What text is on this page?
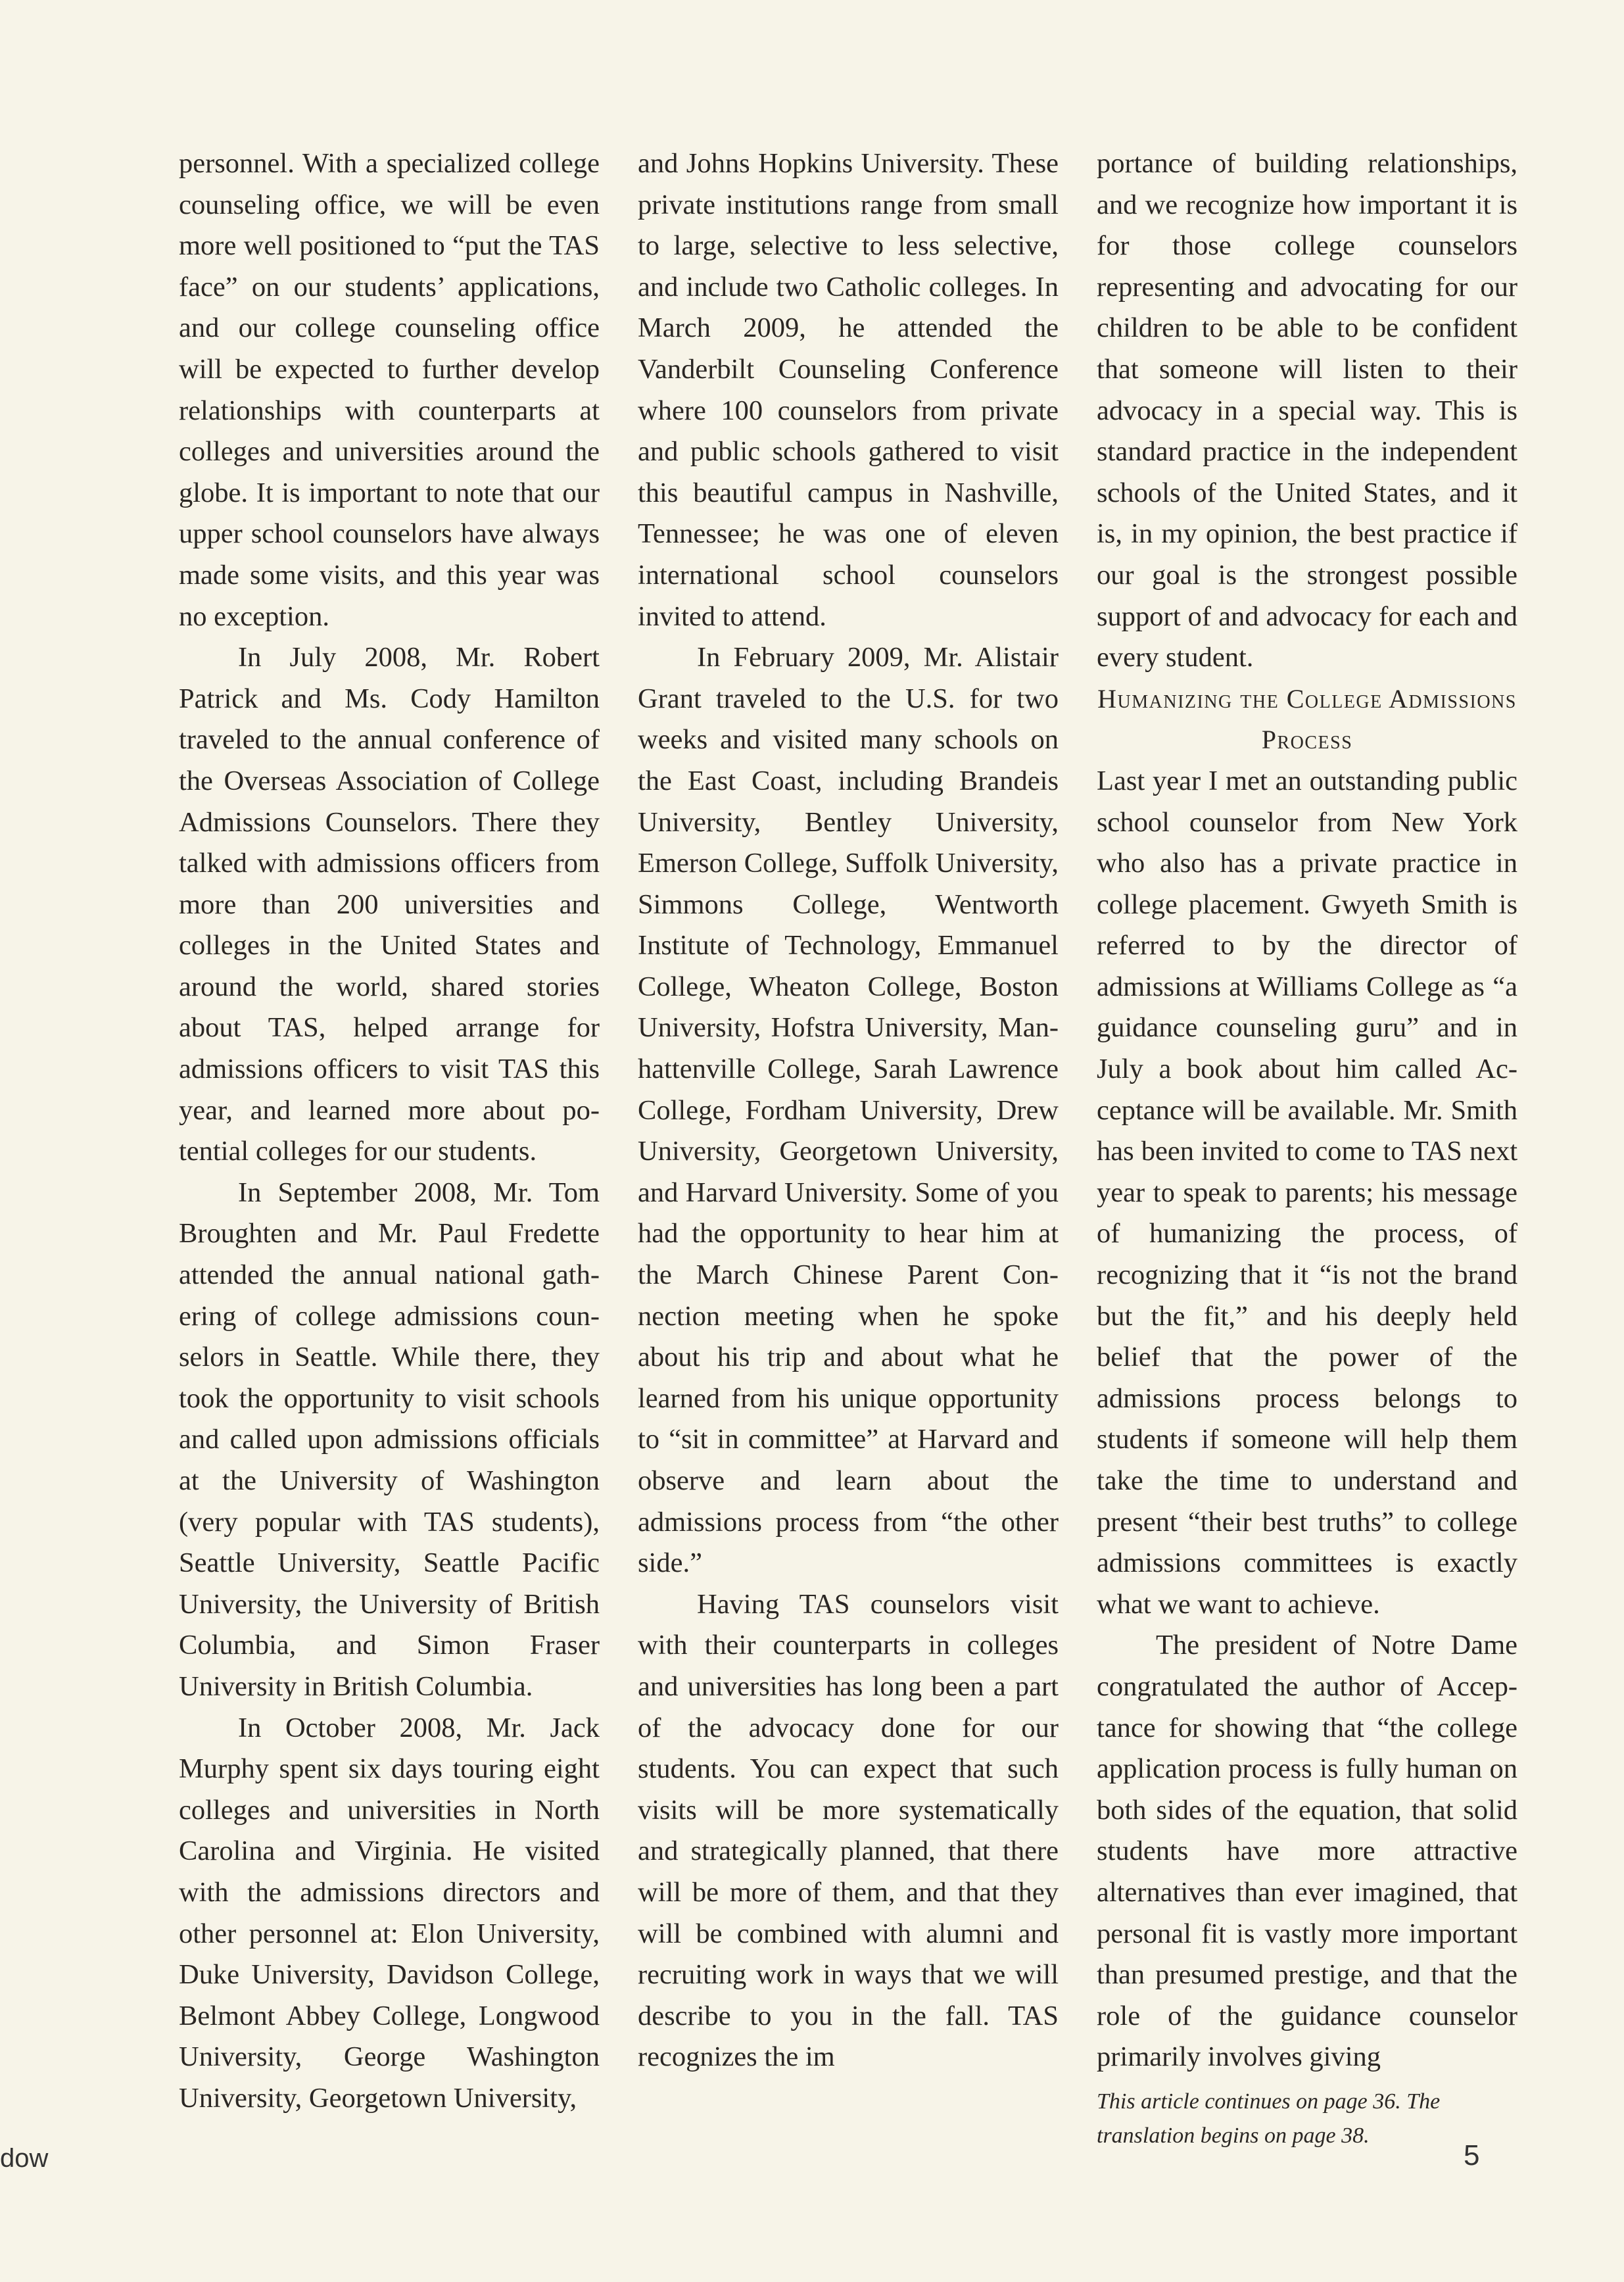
personnel. With a specialized college counseling office, we will be even more well positioned to “put the TAS face” on our students’ applications, and our college counseling office will be expected to further develop relationships with counterparts at colleges and universities around the globe. It is important to note that our upper school counselors have always made some visits, and this year was no exception.

In July 2008, Mr. Robert Patrick and Ms. Cody Hamilton traveled to the annual conference of the Overseas Association of College Admissions Counselors. There they talked with admissions officers from more than 200 universities and colleges in the United States and around the world, shared stories about TAS, helped arrange for admissions officers to visit TAS this year, and learned more about potential colleges for our students.

In September 2008, Mr. Tom Broughten and Mr. Paul Fredette attended the annual national gathering of college admissions counselors in Seattle. While there, they took the opportunity to visit schools and called upon admissions officials at the University of Washington (very popular with TAS students), Seattle University, Seattle Pacific University, the University of British Columbia, and Simon Fraser University in British Columbia.

In October 2008, Mr. Jack Murphy spent six days touring eight colleges and universities in North Carolina and Virginia. He visited with the admissions directors and other personnel at: Elon University, Duke University, Davidson College, Belmont Abbey College, Longwood University, George Washington University, Georgetown University,

and Johns Hopkins University. These private institutions range from small to large, selective to less selective, and include two Catholic colleges. In March 2009, he attended the Vanderbilt Counseling Conference where 100 counselors from private and public schools gathered to visit this beautiful campus in Nashville, Tennessee; he was one of eleven international school counselors invited to attend.

In February 2009, Mr. Alistair Grant traveled to the U.S. for two weeks and visited many schools on the East Coast, including Brandeis University, Bentley University, Emerson College, Suffolk University, Simmons College, Wentworth Institute of Technology, Emmanuel College, Wheaton College, Boston University, Hofstra University, Manhattenville College, Sarah Lawrence College, Fordham University, Drew University, Georgetown University, and Harvard University. Some of you had the opportunity to hear him at the March Chinese Parent Connection meeting when he spoke about his trip and about what he learned from his unique opportunity to “sit in committee” at Harvard and observe and learn about the admissions process from “the other side.”

Having TAS counselors visit with their counterparts in colleges and universities has long been a part of the advocacy done for our students. You can expect that such visits will be more systematically and strategically planned, that there will be more of them, and that they will be combined with alumni and recruiting work in ways that we will describe to you in the fall. TAS recognizes the im

portance of building relationships, and we recognize how important it is for those college counselors representing and advocating for our children to be able to be confident that someone will listen to their advocacy in a special way. This is standard practice in the independent schools of the United States, and it is, in my opinion, the best practice if our goal is the strongest possible support of and advocacy for each and every student.

Humanizing the College Admissions Process

Last year I met an outstanding public school counselor from New York who also has a private practice in college placement. Gwyeth Smith is referred to by the director of admissions at Williams College as “a guidance counseling guru” and in July a book about him called Acceptance will be available. Mr. Smith has been invited to come to TAS next year to speak to parents; his message of humanizing the process, of recognizing that it “is not the brand but the fit,” and his deeply held belief that the power of the admissions process belongs to students if someone will help them take the time to understand and present “their best truths” to college admissions committees is exactly what we want to achieve.

The president of Notre Dame congratulated the author of Acceptance for showing that “the college application process is fully human on both sides of the equation, that solid students have more attractive alternatives than ever imagined, that personal fit is vastly more important than presumed prestige, and that the role of the guidance counselor primarily involves giving

This article continues on page 36. The translation begins on page 38.

dow	5
